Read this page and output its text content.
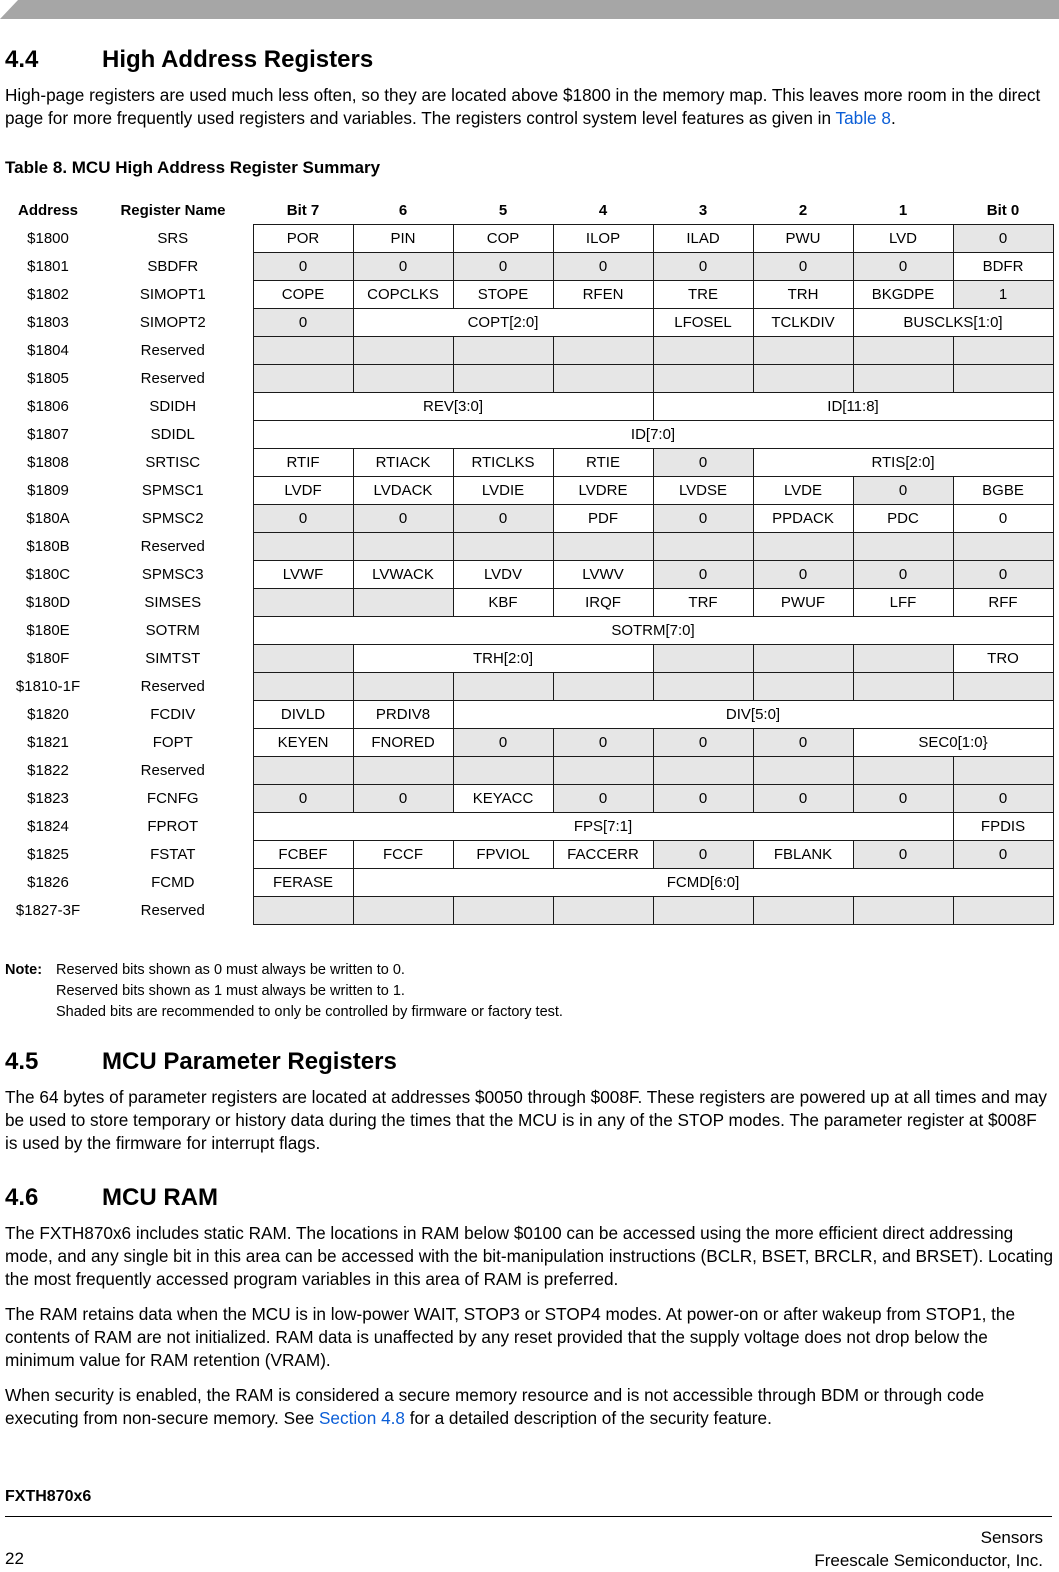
4.4	High Address Registers

High-page registers are used much less often, so they are located above $1800 in the memory map. This leaves more room in the direct page for more frequently used registers and variables. The registers control system level features as given in Table 8.

Table 8. MCU High Address Register Summary

Address	Register Name	Bit 7	6	5	4	3	2	1	Bit 0
$1800	SRS	POR	PIN	COP	ILOP	ILAD	PWU	LVD	0
$1801	SBDFR	0	0	0	0	0	0	0	BDFR
$1802	SIMOPT1	COPE	COPCLKS	STOPE	RFEN	TRE	TRH	BKGDPE	1
$1803	SIMOPT2	0	COPT[2:0]			LFOSEL	TCLKDIV	BUSCLKS[1:0]	
$1804	Reserved								
$1805	Reserved								
$1806	SDIDH	REV[3:0]				ID[11:8]			
$1807	SDIDL	ID[7:0]							
$1808	SRTISC	RTIF	RTIACK	RTICLKS	RTIE	0	RTIS[2:0]		
$1809	SPMSC1	LVDF	LVDACK	LVDIE	LVDRE	LVDSE	LVDE	0	BGBE
$180A	SPMSC2	0	0	0	PDF	0	PPDACK	PDC	0
$180B	Reserved								
$180C	SPMSC3	LVWF	LVWACK	LVDV	LVWV	0	0	0	0
$180D	SIMSES			KBF	IRQF	TRF	PWUF	LFF	RFF
$180E	SOTRM	SOTRM[7:0]							
$180F	SIMTST		TRH[2:0]						TRO
$1810-1F	Reserved								
$1820	FCDIV	DIVLD	PRDIV8	DIV[5:0]					
$1821	FOPT	KEYEN	FNORED	0	0	0	0	SEC0[1:0}	
$1822	Reserved								
$1823	FCNFG	0	0	KEYACC	0	0	0	0	0
$1824	FPROT	FPS[7:1]							FPDIS
$1825	FSTAT	FCBEF	FCCF	FPVIOL	FACCERR	0	FBLANK	0	0
$1826	FCMD	FERASE	FCMD[6:0]						
$1827-3F	Reserved								
Note: Reserved bits shown as 0 must always be written to 0.
Reserved bits shown as 1 must always be written to 1.
Shaded bits are recommended to only be controlled by firmware or factory test.
4.5	MCU Parameter Registers

The 64 bytes of parameter registers are located at addresses $0050 through $008F. These registers are powered up at all times and may be used to store temporary or history data during the times that the MCU is in any of the STOP modes. The parameter register at $008F is used by the firmware for interrupt flags.

4.6	MCU RAM

The FXTH870x6 includes static RAM. The locations in RAM below $0100 can be accessed using the more efficient direct addressing mode, and any single bit in this area can be accessed with the bit-manipulation instructions (BCLR, BSET, BRCLR, and BRSET). Locating the most frequently accessed program variables in this area of RAM is preferred.

The RAM retains data when the MCU is in low-power WAIT, STOP3 or STOP4 modes. At power-on or after wakeup from STOP1, the contents of RAM are not initialized. RAM data is unaffected by any reset provided that the supply voltage does not drop below the minimum value for RAM retention (VRAM).

When security is enabled, the RAM is considered a secure memory resource and is not accessible through BDM or through code executing from non-secure memory. See Section 4.8 for a detailed description of the security feature.

FXTH870x6
Sensors
Freescale Semiconductor, Inc.
22
